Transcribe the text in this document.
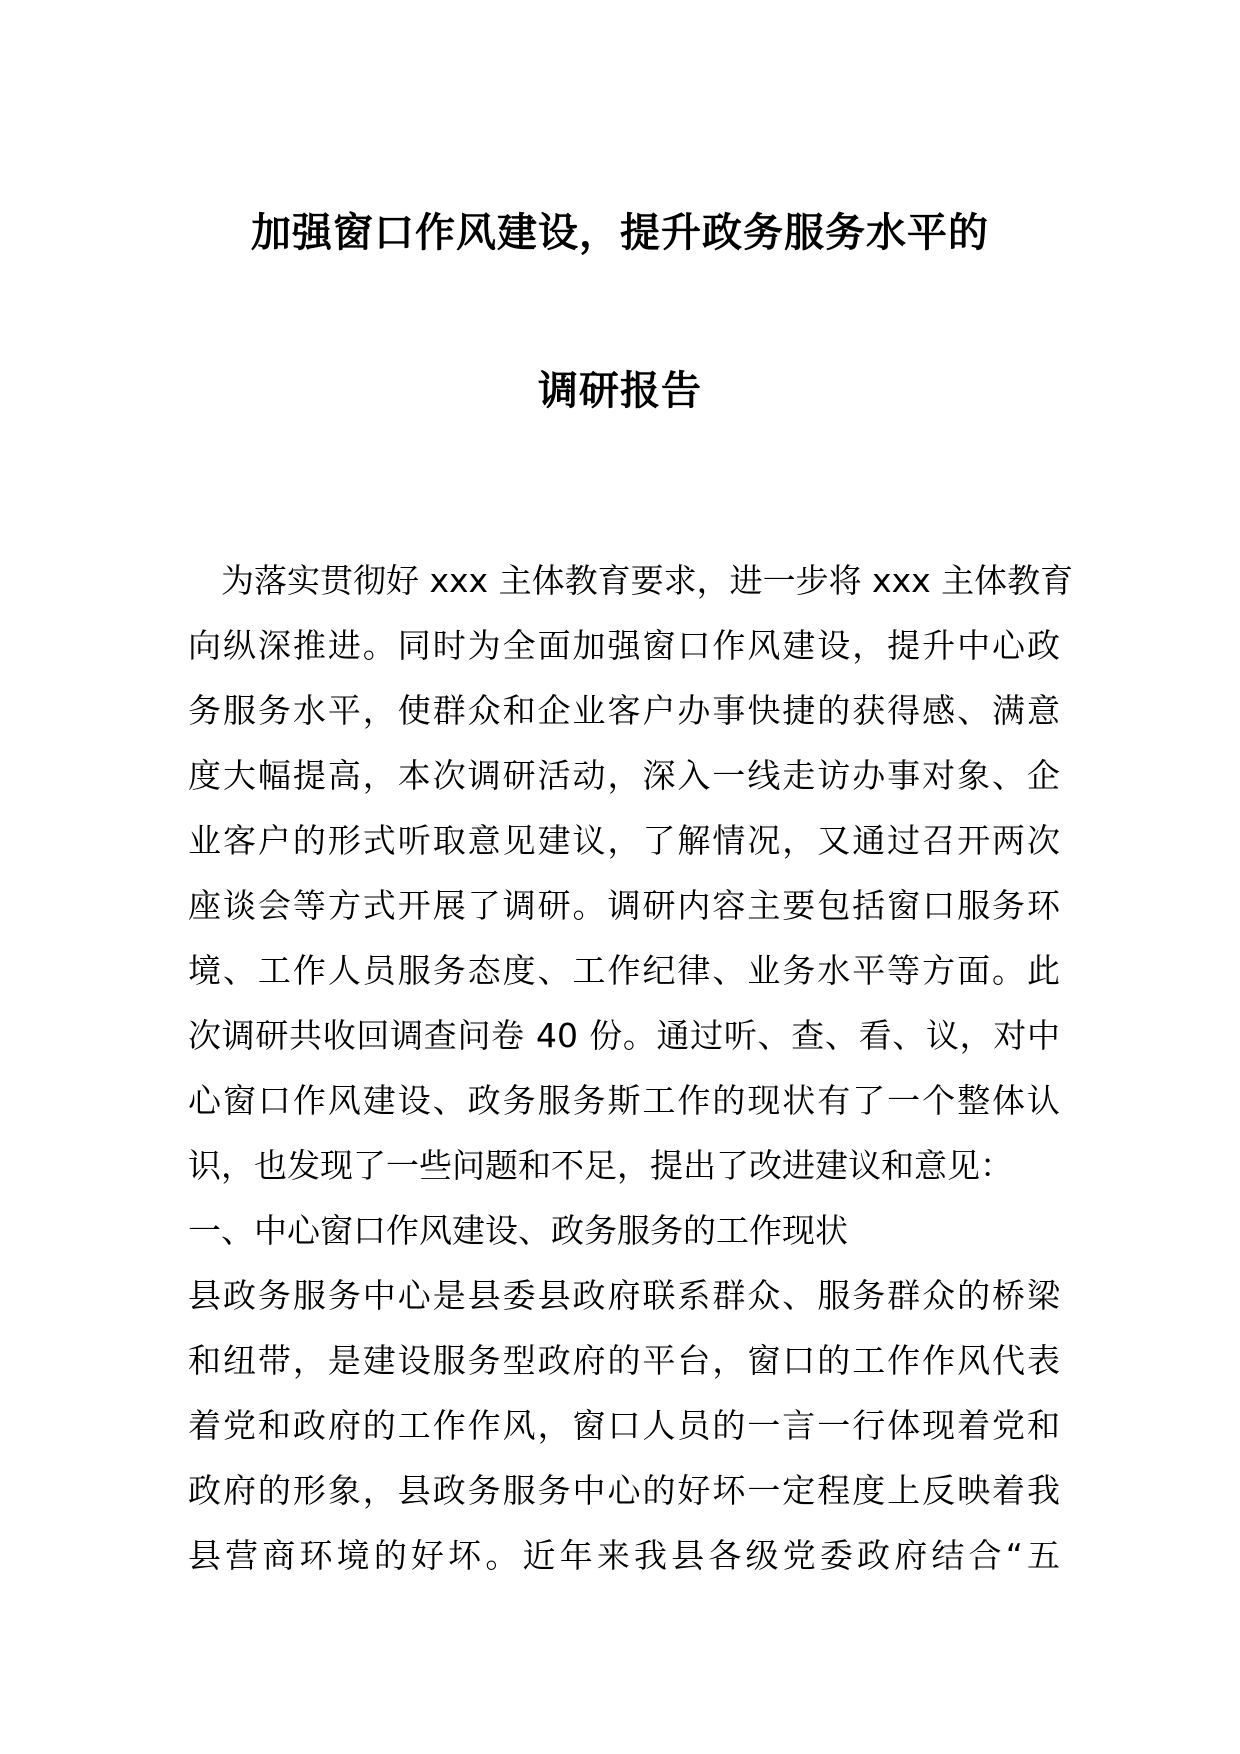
加强窗口作风建设，提升政务服务水平的
调研报告
为落实贯彻好 xxx 主体教育要求，进一步将 xxx 主体教育
向纵深推进。同时为全面加强窗口作风建设，提升中心政
务服务水平，使群众和企业客户办事快捷的获得感、满意
度大幅提高，本次调研活动，深入一线走访办事对象、企
业客户的形式听取意见建议，了解情况，又通过召开两次
座谈会等方式开展了调研。调研内容主要包括窗口服务环
境、工作人员服务态度、工作纪律、业务水平等方面。此
次调研共收回调查问卷 40 份。通过听、查、看、议，对中
心窗口作风建设、政务服务斯工作的现状有了一个整体认
识，也发现了一些问题和不足，提出了改进建议和意见：
一、中心窗口作风建设、政务服务的工作现状
县政务服务中心是县委县政府联系群众、服务群众的桥梁
和纽带，是建设服务型政府的平台，窗口的工作作风代表
着党和政府的工作作风，窗口人员的一言一行体现着党和
政府的形象，县政务服务中心的好坏一定程度上反映着我
县营商环境的好坏。近年来我县各级党委政府结合“五
